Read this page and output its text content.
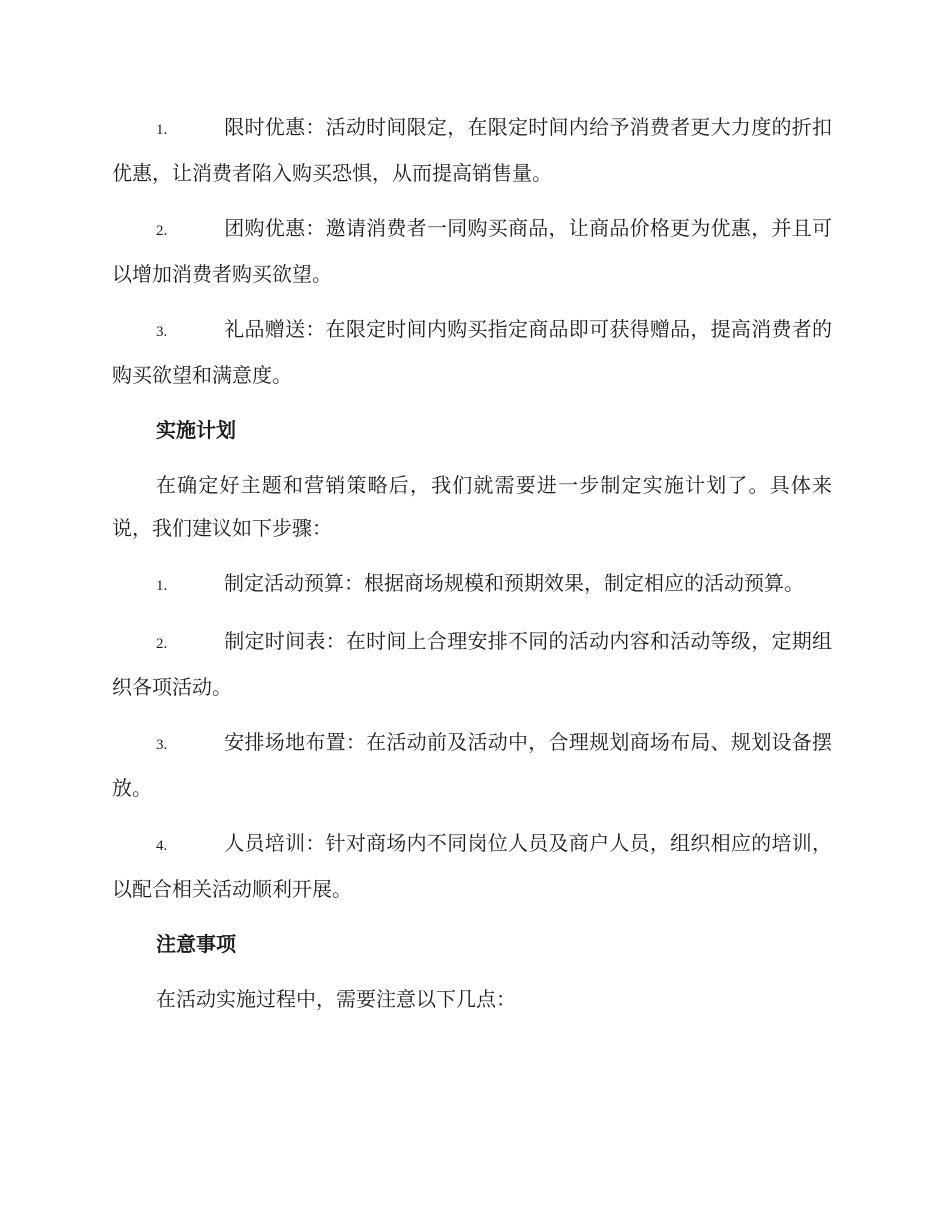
1.	限时优惠：活动时间限定，在限定时间内给予消费者更大力度的折扣优惠，让消费者陷入购买恐惧，从而提高销售量。
2.	团购优惠：邀请消费者一同购买商品，让商品价格更为优惠，并且可以增加消费者购买欲望。
3.	礼品赠送：在限定时间内购买指定商品即可获得赠品，提高消费者的购买欲望和满意度。
实施计划
在确定好主题和营销策略后，我们就需要进一步制定实施计划了。具体来说，我们建议如下步骤：
1.	制定活动预算：根据商场规模和预期效果，制定相应的活动预算。
2.	制定时间表：在时间上合理安排不同的活动内容和活动等级，定期组织各项活动。
3.	安排场地布置：在活动前及活动中，合理规划商场布局、规划设备摆放。
4.	人员培训：针对商场内不同岗位人员及商户人员，组织相应的培训，以配合相关活动顺利开展。
注意事项
在活动实施过程中，需要注意以下几点：
